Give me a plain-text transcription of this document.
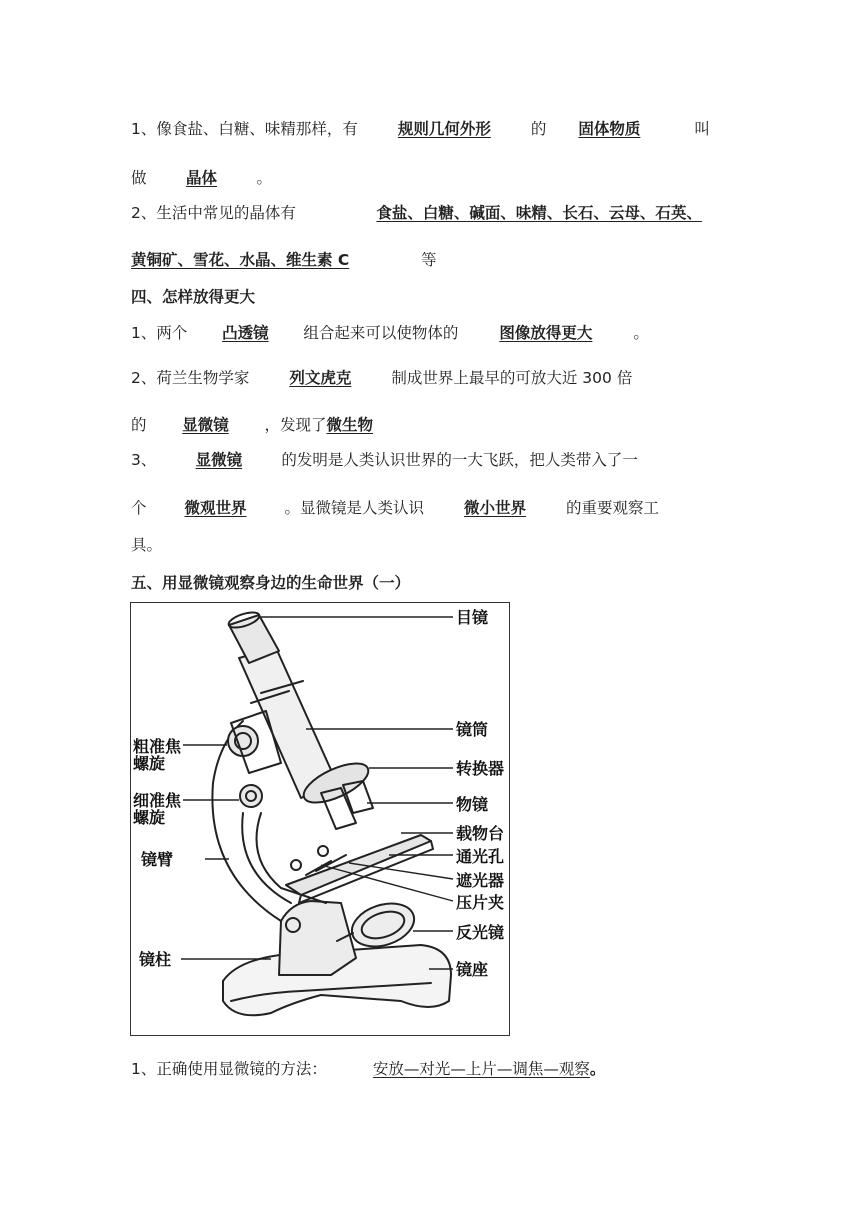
1、像食盐、白糖、味精那样，有	规则几何外形	的 固体物质	叫
做	晶体	。
2、生活中常见的晶体有	食盐、白糖、碱面、味精、长石、云母、石英、
黄铜矿、雪花、水晶、维生素 C	等
四、怎样放得更大
1、两个 凸透镜 组合起来可以使物体的	图像放得更大	。
2、荷兰生物学家	列文虎克	制成世界上最早的可放大近 300 倍
的 显微镜 ，发现了微生物
3、	显微镜	的发明是人类认识世界的一大飞跃，把人类带入了一
个 微观世界 。显微镜是人类认识	微小世界	的重要观察工
具。
五、用显微镜观察身边的生命世界（一）
目镜
镜筒
粗准焦
螺旋	转换器
细准焦
螺旋
物镜
载物台
通光孔
镜臂
遮光器
压片夹
反光镜
镜柱
镜座
1、正确使用显微镜的方法：	安放—对光—上片—调焦—观察。
